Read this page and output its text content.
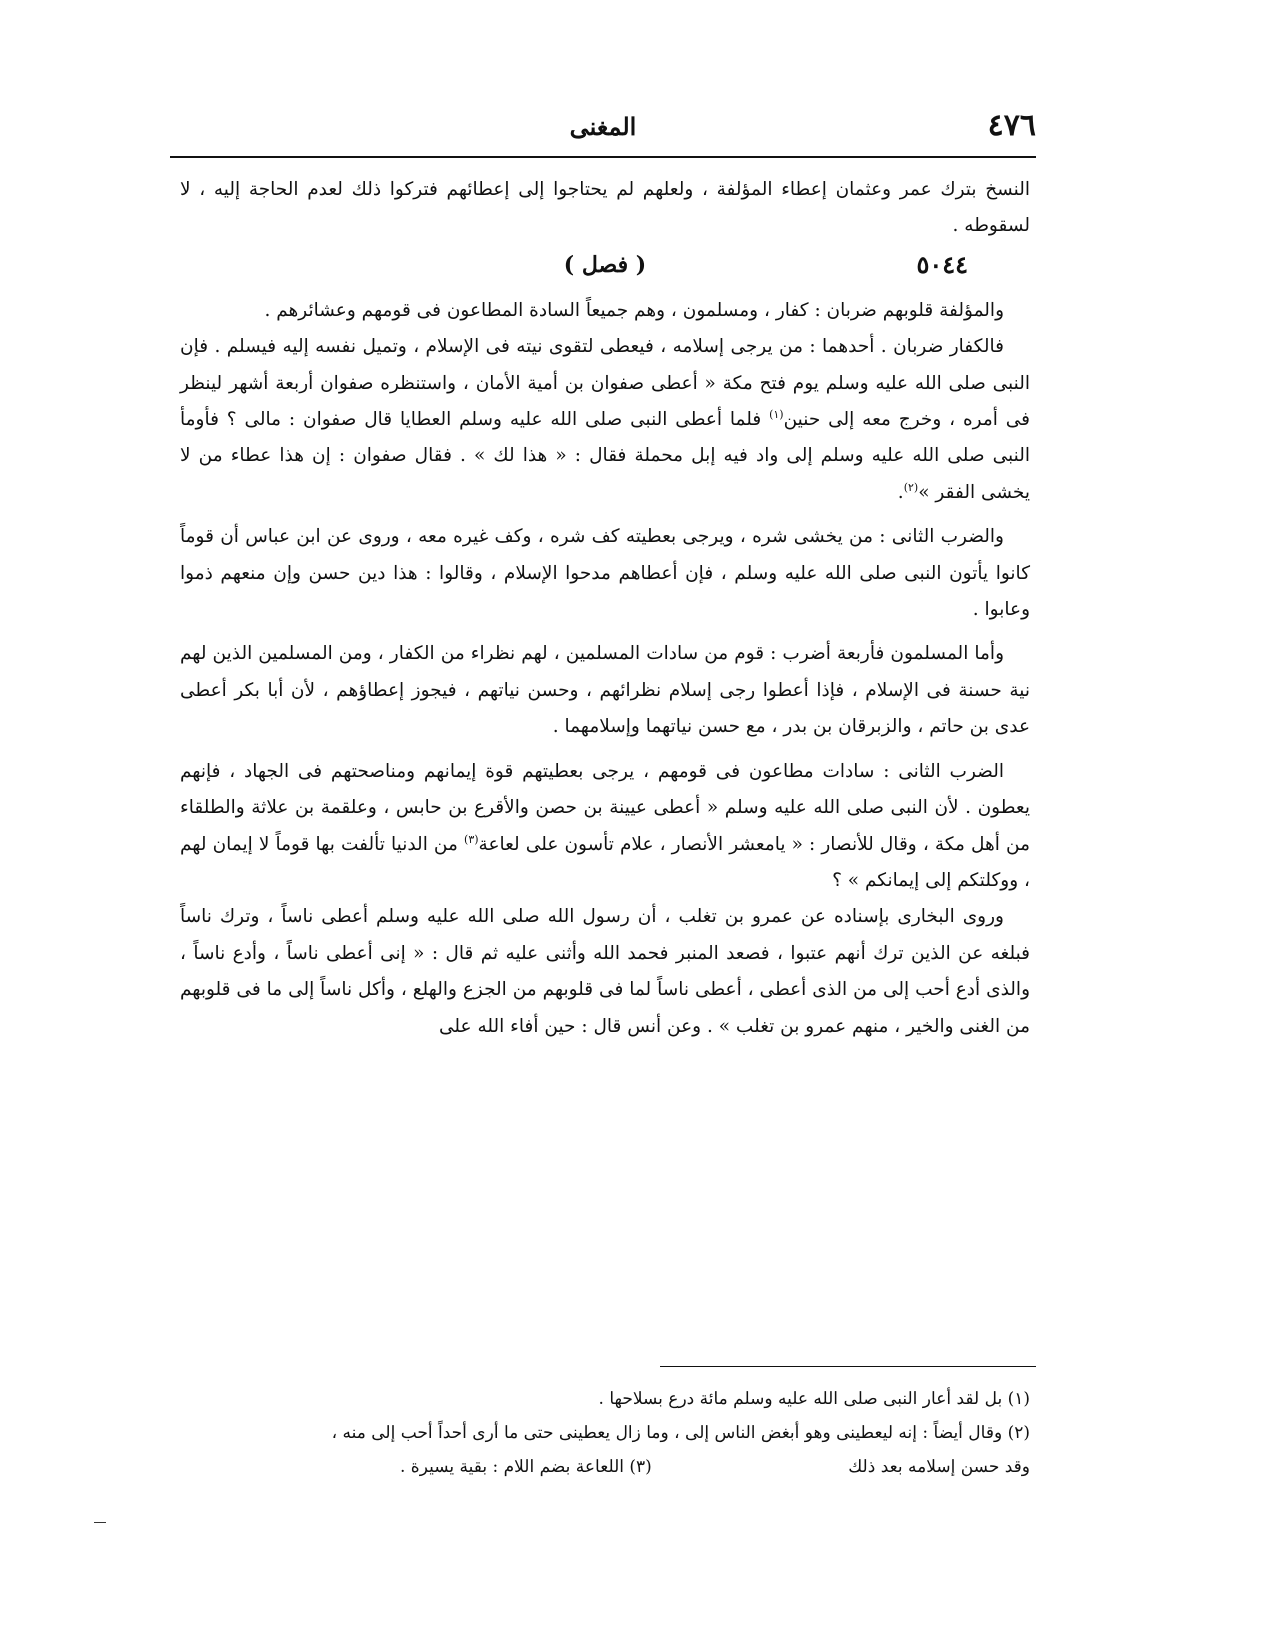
٤٧٦
المغنى

النسخ بترك عمر وعثمان إعطاء المؤلفة ، ولعلهم لم يحتاجوا إلى إعطائهم فتركوا ذلك لعدم الحاجة إليه ، لا لسقوطه .

٥٠٤٤
( فصل )

والمؤلفة قلوبهم ضربان : كفار ، ومسلمون ، وهم جميعاً السادة المطاعون فى قومهم وعشائرهم .

فالكفار ضربان . أحدهما : من يرجى إسلامه ، فيعطى لتقوى نيته فى الإسلام ، وتميل نفسه إليه فيسلم . فإن النبى صلى الله عليه وسلم يوم فتح مكة « أعطى صفوان بن أمية الأمان ، واستنظره صفوان أربعة أشهر لينظر فى أمره ، وخرج معه إلى حنين$^{(١)}$ فلما أعطى النبى صلى الله عليه وسلم العطايا قال صفوان : مالى ؟ فأومأ النبى صلى الله عليه وسلم إلى واد فيه إبل محملة فقال : « هذا لك » . فقال صفوان : إن هذا عطاء من لا يخشى الفقر »$^{(٢)}$.

والضرب الثانى : من يخشى شره ، ويرجى بعطيته كف شره ، وكف غيره معه ، وروى عن ابن عباس أن قوماً كانوا يأتون النبى صلى الله عليه وسلم ، فإن أعطاهم مدحوا الإسلام ، وقالوا : هذا دين حسن وإن منعهم ذموا وعابوا .

وأما المسلمون فأربعة أضرب : قوم من سادات المسلمين ، لهم نظراء من الكفار ، ومن المسلمين الذين لهم نية حسنة فى الإسلام ، فإذا أعطوا رجى إسلام نظرائهم ، وحسن نياتهم ، فيجوز إعطاؤهم ، لأن أبا بكر أعطى عدى بن حاتم ، والزبرقان بن بدر ، مع حسن نياتهما وإسلامهما .

الضرب الثانى : سادات مطاعون فى قومهم ، يرجى بعطيتهم قوة إيمانهم ومناصحتهم فى الجهاد ، فإنهم يعطون . لأن النبى صلى الله عليه وسلم « أعطى عيينة بن حصن والأقرع بن حابس ، وعلقمة بن علاثة والطلقاء من أهل مكة ، وقال للأنصار : « يامعشر الأنصار ، علام تأسون على لعاعة$^{(٣)}$ من الدنيا تألفت بها قوماً لا إيمان لهم ، ووكلتكم إلى إيمانكم » ؟

وروى البخارى بإسناده عن عمرو بن تغلب ، أن رسول الله صلى الله عليه وسلم أعطى ناساً ، وترك ناساً فبلغه عن الذين ترك أنهم عتبوا ، فصعد المنبر فحمد الله وأثنى عليه ثم قال : « إنى أعطى ناساً ، وأدع ناساً ، والذى أدع أحب إلى من الذى أعطى ، أعطى ناساً لما فى قلوبهم من الجزع والهلع ، وأكل ناساً إلى ما فى قلوبهم من الغنى والخير ، منهم عمرو بن تغلب » . وعن أنس قال : حين أفاء الله على

(١) بل لقد أعار النبى صلى الله عليه وسلم مائة درع بسلاحها .

(٢) وقال أيضاً : إنه ليعطينى وهو أبغض الناس إلى ، وما زال يعطينى حتى ما أرى أحداً أحب إلى منه ،

وقد حسن إسلامه بعد ذلك
(٣) اللعاعة بضم اللام : بقية يسيرة .
